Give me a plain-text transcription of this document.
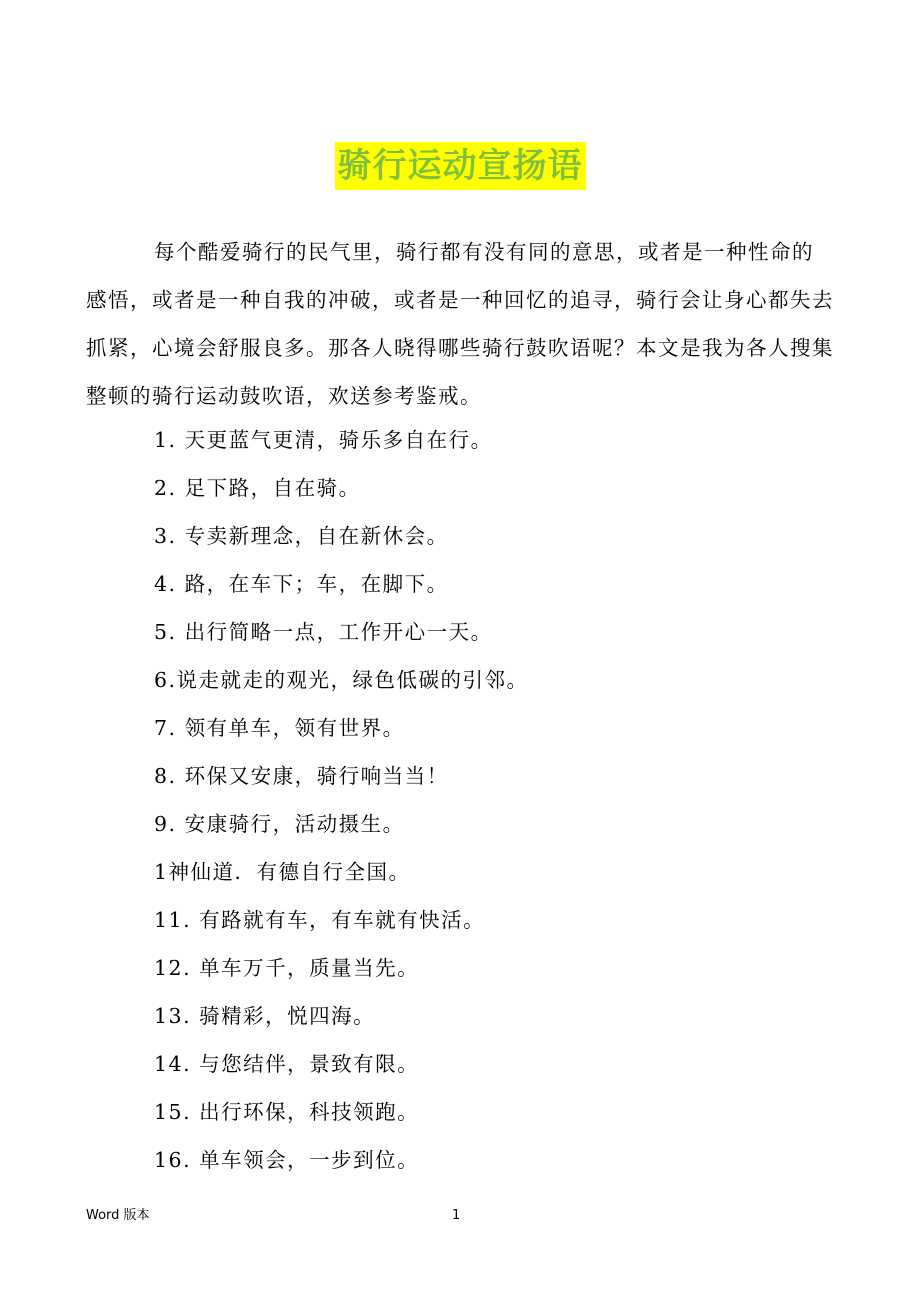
骑行运动宣扬语

每个酷爱骑行的民气里，骑行都有没有同的意思，或者是一种性命的感悟，或者是一种自我的冲破，或者是一种回忆的追寻，骑行会让身心都失去抓紧，心境会舒服良多。那各人晓得哪些骑行鼓吹语呢？本文是我为各人搜集整顿的骑行运动鼓吹语，欢送参考鉴戒。

1. 天更蓝气更清，骑乐多自在行。
2. 足下路，自在骑。
3. 专卖新理念，自在新休会。
4. 路，在车下；车，在脚下。
5. 出行简略一点，工作开心一天。
6.说走就走的观光，绿色低碳的引邻。
7. 领有单车，领有世界。
8. 环保又安康，骑行响当当！
9. 安康骑行，活动摄生。
1神仙道．有德自行全国。
11. 有路就有车，有车就有快活。
12. 单车万千，质量当先。
13. 骑精彩，悦四海。
14. 与您结伴，景致有限。
15. 出行环保，科技领跑。
16. 单车领会，一步到位。
Word 版本	1
